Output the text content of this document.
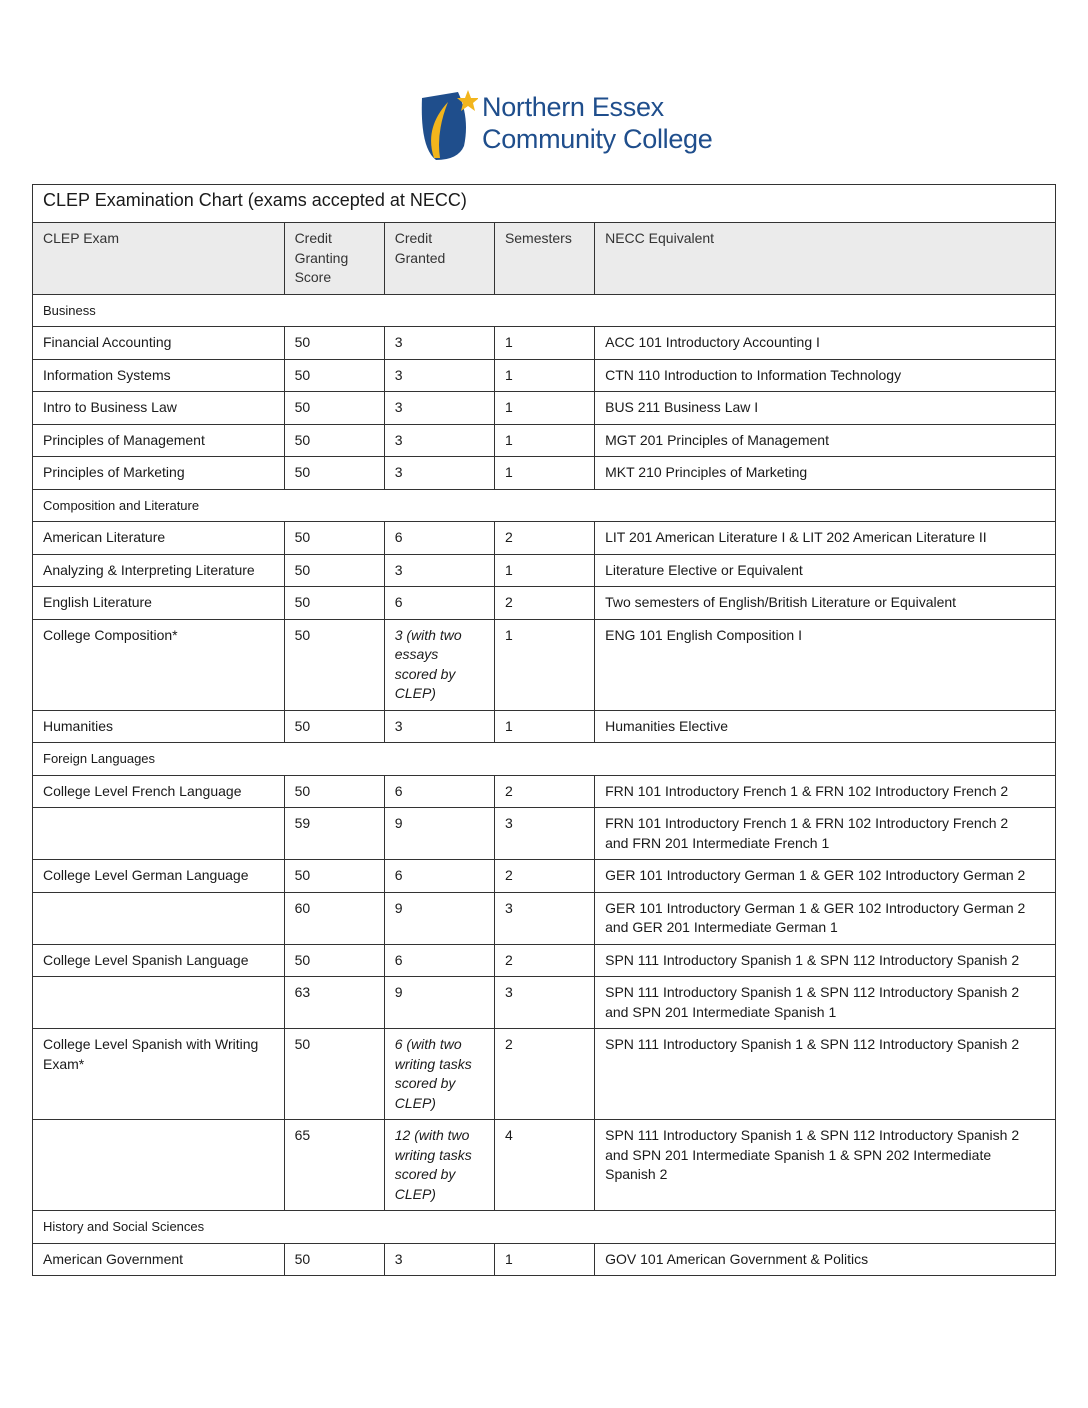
Northern Essex
Community College
CLEP Examination Chart (exams accepted at NECC)				
CLEP Exam	Credit Granting Score	Credit Granted	Semesters	NECC Equivalent
Business				
Financial Accounting	50	3	1	ACC 101 Introductory Accounting I
Information Systems	50	3	1	CTN 110 Introduction to Information Technology
Intro to Business Law	50	3	1	BUS 211 Business Law I
Principles of Management	50	3	1	MGT 201 Principles of Management
Principles of Marketing	50	3	1	MKT 210 Principles of Marketing
Composition and Literature				
American Literature	50	6	2	LIT 201 American Literature I & LIT 202 American Literature II
Analyzing & Interpreting Literature	50	3	1	Literature Elective or Equivalent
English Literature	50	6	2	Two semesters of English/British Literature or Equivalent
College Composition*	50	3 (with two essays scored by CLEP)	1	ENG 101 English Composition I
Humanities	50	3	1	Humanities Elective
Foreign Languages				
College Level French Language	50	6	2	FRN 101 Introductory French 1 & FRN 102 Introductory French 2
	59	9	3	FRN 101 Introductory French 1 & FRN 102 Introductory French 2
and FRN 201 Intermediate French 1
College Level German Language	50	6	2	GER 101 Introductory German 1 & GER 102 Introductory German 2
	60	9	3	GER 101 Introductory German 1 & GER 102 Introductory German 2
and GER 201 Intermediate German 1
College Level Spanish Language	50	6	2	SPN 111 Introductory Spanish 1 & SPN 112 Introductory Spanish 2
	63	9	3	SPN 111 Introductory Spanish 1 & SPN 112 Introductory Spanish 2
and SPN 201 Intermediate Spanish 1
College Level Spanish with Writing Exam*	50	6 (with two writing tasks scored by CLEP)	2	SPN 111 Introductory Spanish 1 & SPN 112 Introductory Spanish 2
	65	12 (with two writing tasks scored by CLEP)	4	SPN 111 Introductory Spanish 1 & SPN 112 Introductory Spanish 2 and SPN 201 Intermediate Spanish 1 & SPN 202 Intermediate Spanish 2
History and Social Sciences				
American Government	50	3	1	GOV 101 American Government & Politics
